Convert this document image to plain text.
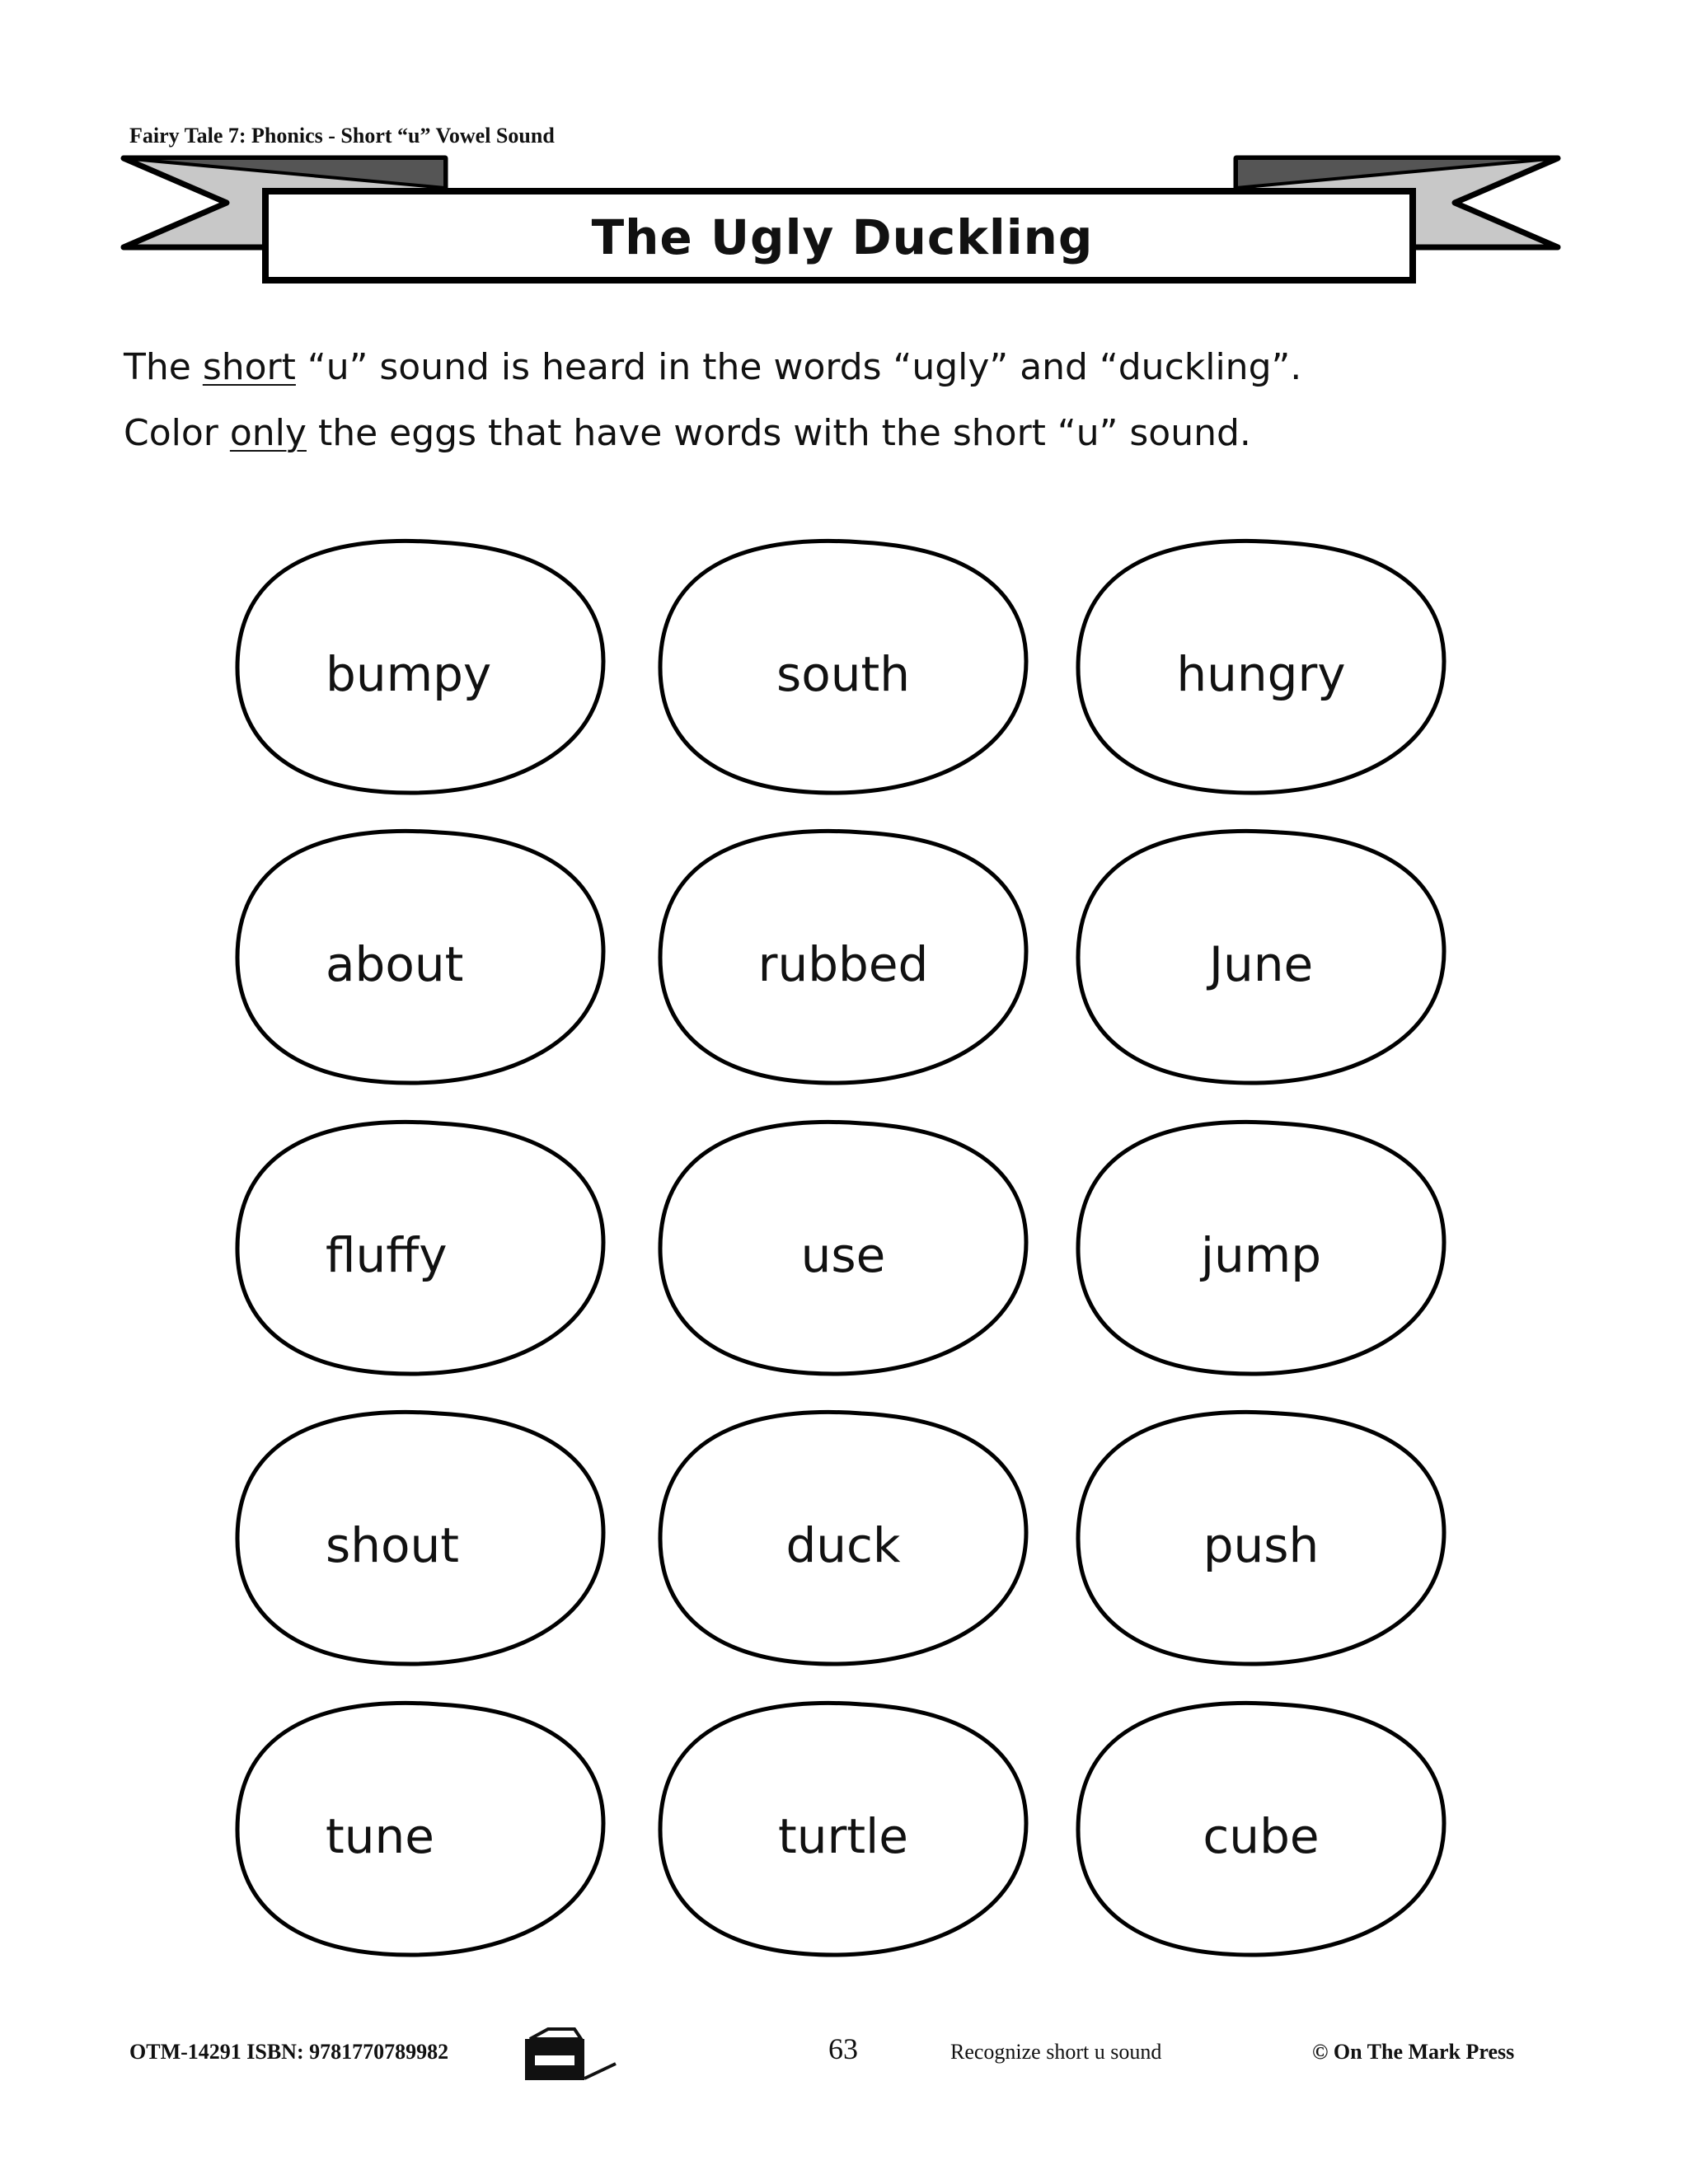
Fairy Tale 7: Phonics - Short “u” Vowel Sound
The Ugly Duckling
The short “u” sound is heard in the words “ugly” and “duckling”.
Color only the eggs that have words with the short “u” sound.
bumpy	south	hungry
about	rubbed	June
fluffy	use	jump
shout	duck	push
tune	turtle	cube
OTM-14291 ISBN: 9781770789982	63	Recognize short u sound	© On The Mark Press
